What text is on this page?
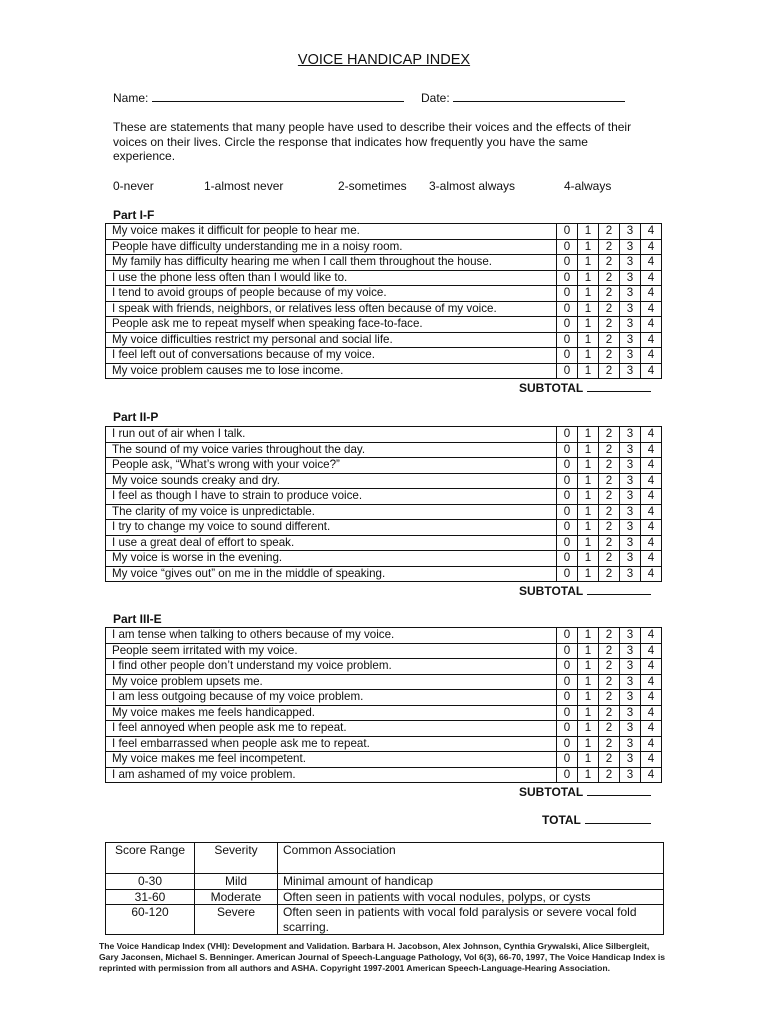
VOICE HANDICAP INDEX
Name:	Date:
These are statements that many people have used to describe their voices and the effects of their voices on their lives. Circle the response that indicates how frequently you have the same experience.
0-never	1-almost never	2-sometimes 3-almost always	4-always
Part I-F
My voice makes it difficult for people to hear me.	0	1	2	3	4
People have difficulty understanding me in a noisy room.	0	1	2	3	4
My family has difficulty hearing me when I call them throughout the house.	0	1	2	3	4
I use the phone less often than I would like to.	0	1	2	3	4
I tend to avoid groups of people because of my voice.	0	1	2	3	4
I speak with friends, neighbors, or relatives less often because of my voice.	0	1	2	3	4
People ask me to repeat myself when speaking face-to-face.	0	1	2	3	4
My voice difficulties restrict my personal and social life.	0	1	2	3	4
I feel left out of conversations because of my voice.	0	1	2	3	4
My voice problem causes me to lose income.	0	1	2	3	4
SUBTOTAL
Part II-P
I run out of air when I talk.	0	1	2	3	4
The sound of my voice varies throughout the day.	0	1	2	3	4
People ask, “What’s wrong with your voice?”	0	1	2	3	4
My voice sounds creaky and dry.	0	1	2	3	4
I feel as though I have to strain to produce voice.	0	1	2	3	4
The clarity of my voice is unpredictable.	0	1	2	3	4
I try to change my voice to sound different.	0	1	2	3	4
I use a great deal of effort to speak.	0	1	2	3	4
My voice is worse in the evening.	0	1	2	3	4
My voice “gives out” on me in the middle of speaking.	0	1	2	3	4
SUBTOTAL
Part III-E
I am tense when talking to others because of my voice.	0	1	2	3	4
People seem irritated with my voice.	0	1	2	3	4
I find other people don’t understand my voice problem.	0	1	2	3	4
My voice problem upsets me.	0	1	2	3	4
I am less outgoing because of my voice problem.	0	1	2	3	4
My voice makes me feels handicapped.	0	1	2	3	4
I feel annoyed when people ask me to repeat.	0	1	2	3	4
I feel embarrassed when people ask me to repeat.	0	1	2	3	4
My voice makes me feel incompetent.	0	1	2	3	4
I am ashamed of my voice problem.	0	1	2	3	4
SUBTOTAL
TOTAL
Score Range	Severity	Common Association
0-30	Mild	Minimal amount of handicap
31-60	Moderate	Often seen in patients with vocal nodules, polyps, or cysts
60-120	Severe	Often seen in patients with vocal fold paralysis or severe vocal fold scarring.
The Voice Handicap Index (VHI): Development and Validation. Barbara H. Jacobson, Alex Johnson, Cynthia Grywalski, Alice Silbergleit, Gary Jaconsen, Michael S. Benninger. American Journal of Speech-Language Pathology, Vol 6(3), 66-70, 1997, The Voice Handicap Index is reprinted with permission from all authors and ASHA. Copyright 1997-2001 American Speech-Language-Hearing Association.
